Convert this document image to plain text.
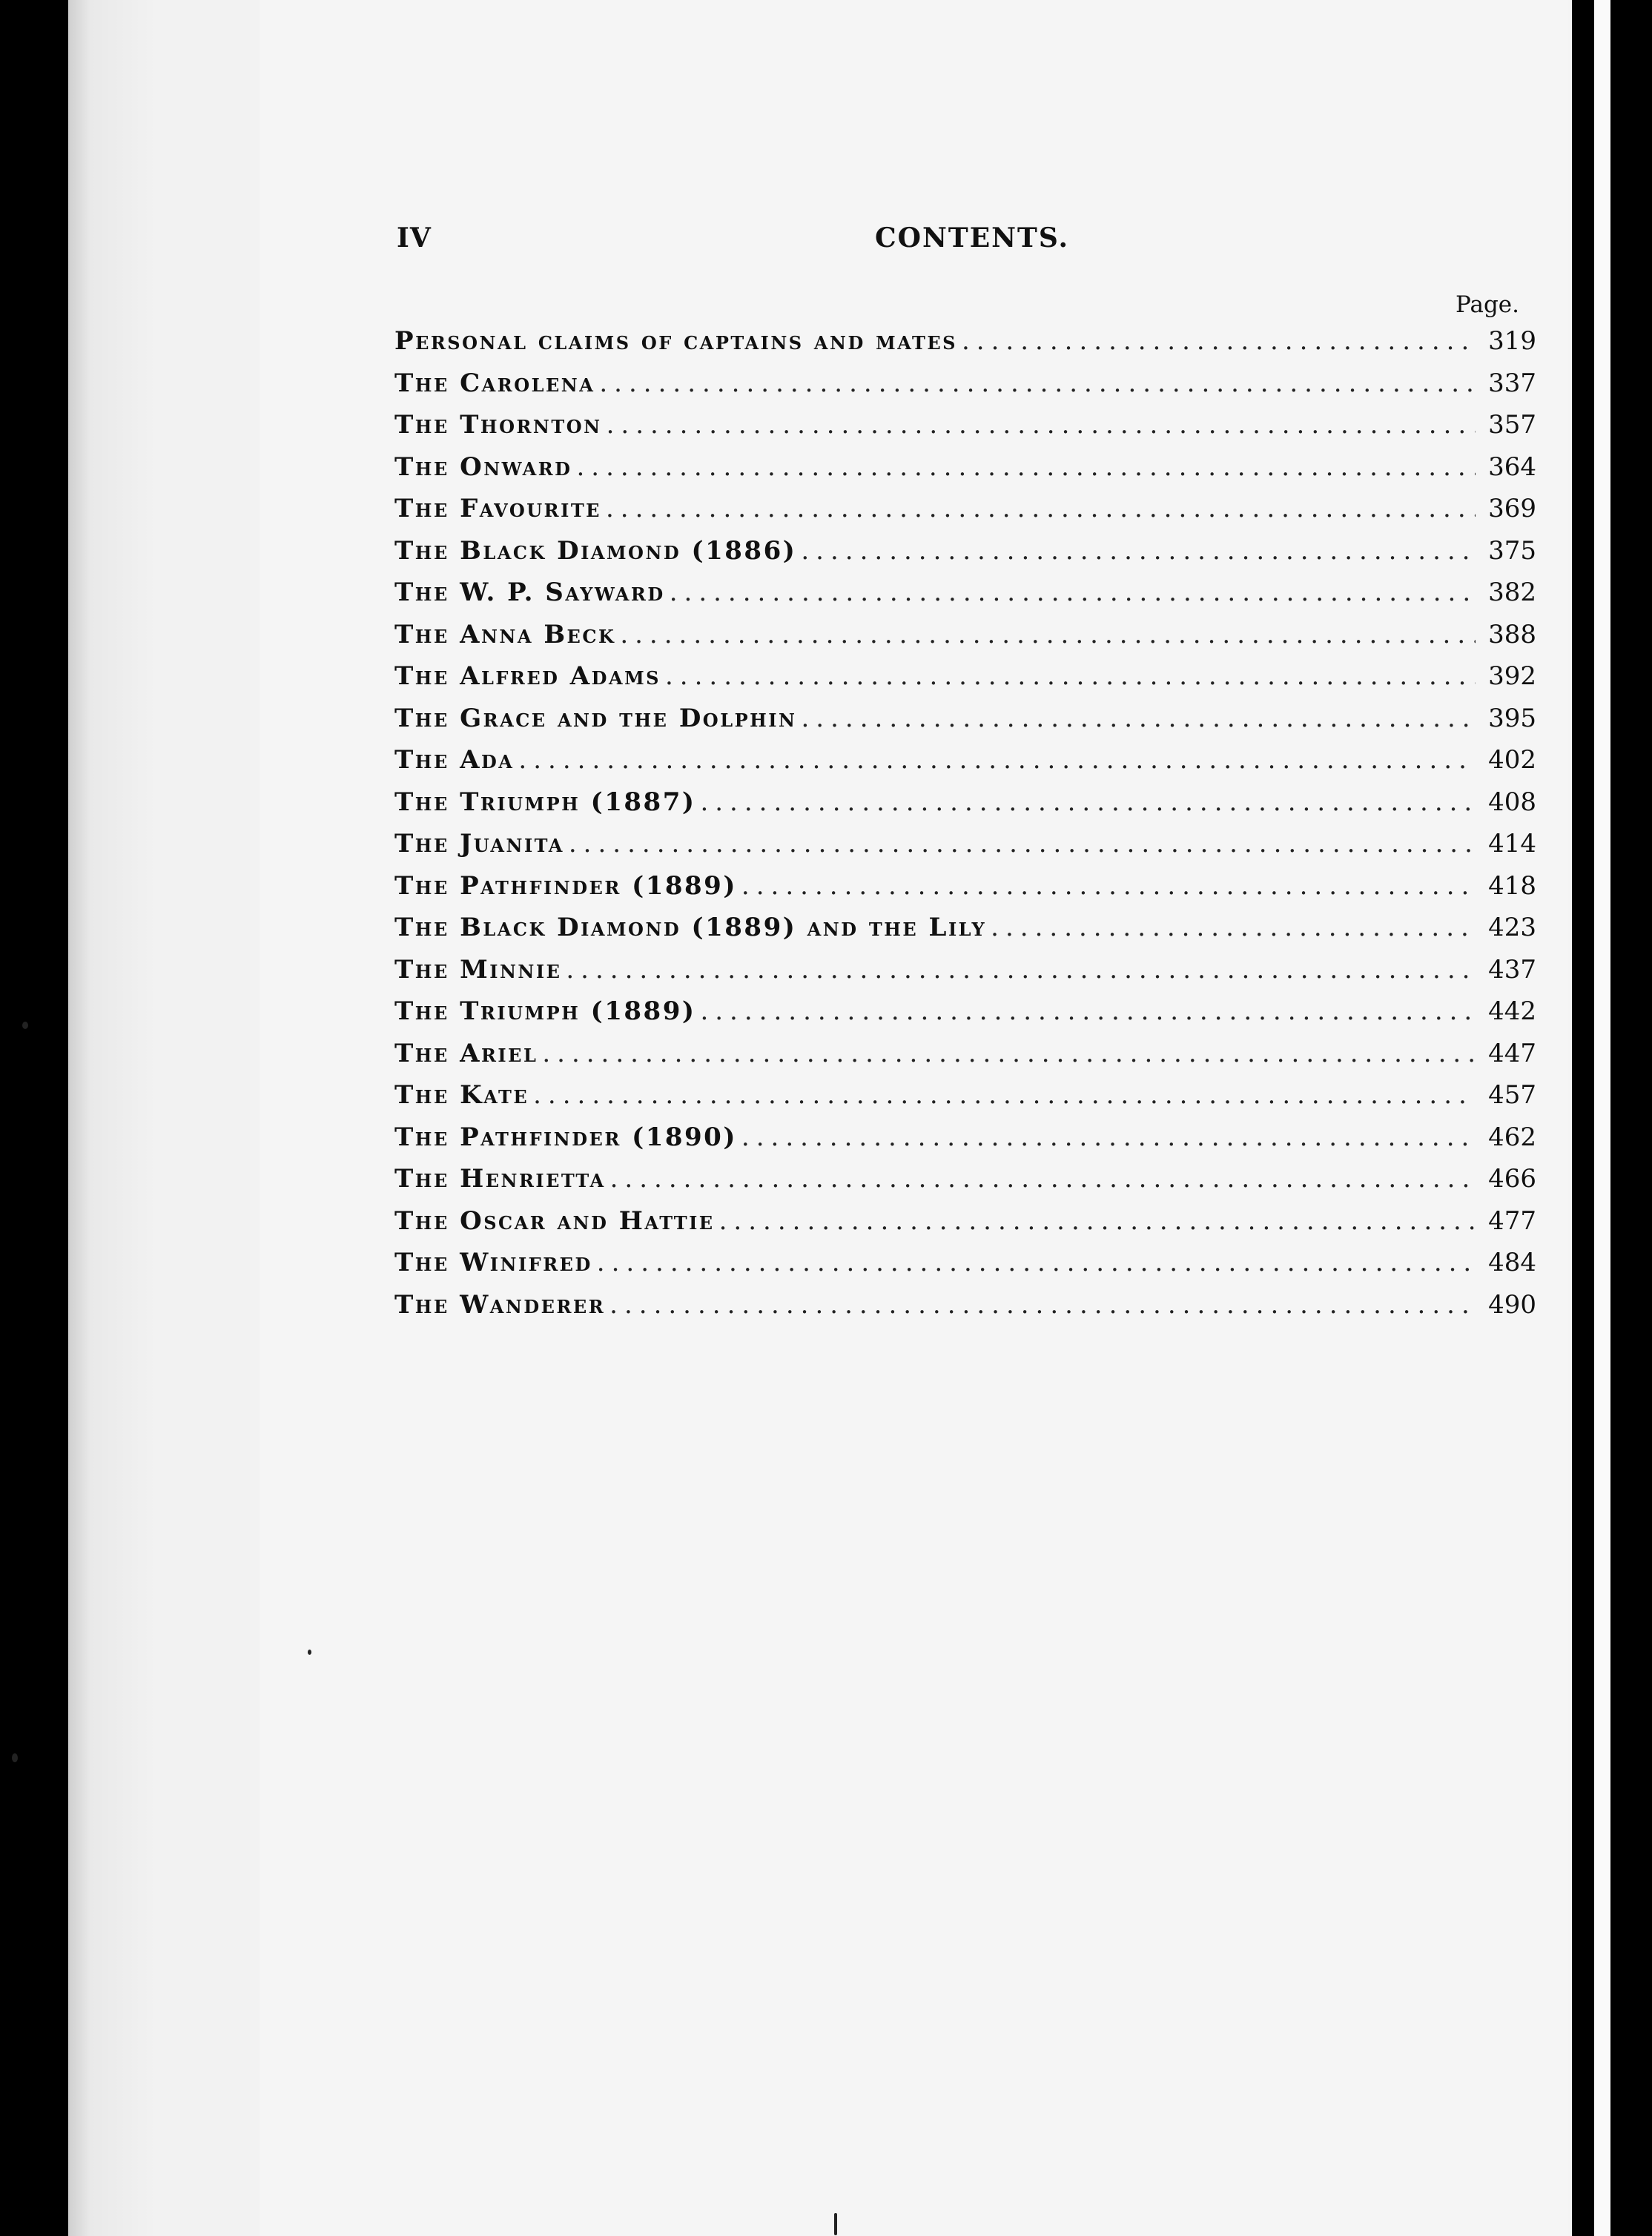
IV	CONTENTS.
Page.
Personal claims of captains and mates .....	319
The Carolena .....	337
The Thornton .....	357
The Onward .....	364
The Favourite .....	369
The Black Diamond (1886) .....	375
The W. P. Sayward .....	382
The Anna Beck .....	388
The Alfred Adams .....	392
The Grace and the Dolphin .....	395
The Ada .....	402
The Triumph (1887) .....	408
The Juanita .....	414
The Pathfinder (1889) .....	418
The Black Diamond (1889) and the Lily .....	423
The Minnie .....	437
The Triumph (1889) .....	442
The Ariel .....	447
The Kate .....	457
The Pathfinder (1890) .....	462
The Henrietta .....	466
The Oscar and Hattie .....	477
The Winifred .....	484
The Wanderer .....	490
